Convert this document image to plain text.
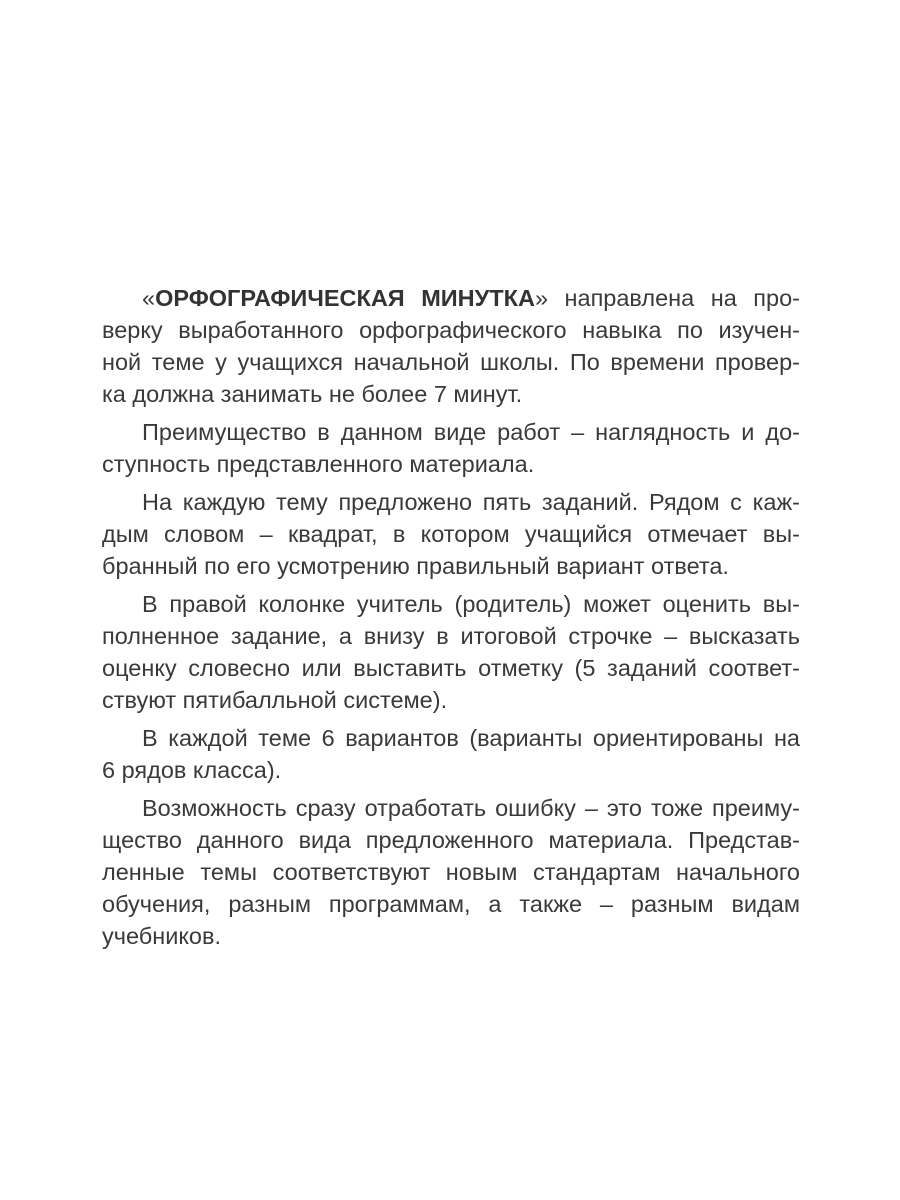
«ОРФОГРАФИЧЕСКАЯ МИНУТКА» направлена на про-
верку выработанного орфографического навыка по изучен-
ной теме у учащихся начальной школы. По времени провер-
ка должна занимать не более 7 минут.
Преимущество в данном виде работ – наглядность и до-
ступность представленного материала.
На каждую тему предложено пять заданий. Рядом с каж-
дым словом – квадрат, в котором учащийся отмечает вы-
бранный по его усмотрению правильный вариант ответа.
В правой колонке учитель (родитель) может оценить вы-
полненное задание, а внизу в итоговой строчке – высказать
оценку словесно или выставить отметку (5 заданий соответ-
ствуют пятибалльной системе).
В каждой теме 6 вариантов (варианты ориентированы на
6 рядов класса).
Возможность сразу отработать ошибку – это тоже преиму-
щество данного вида предложенного материала. Представ-
ленные темы соответствуют новым стандартам начального
обучения, разным программам, а также – разным видам
учебников.
